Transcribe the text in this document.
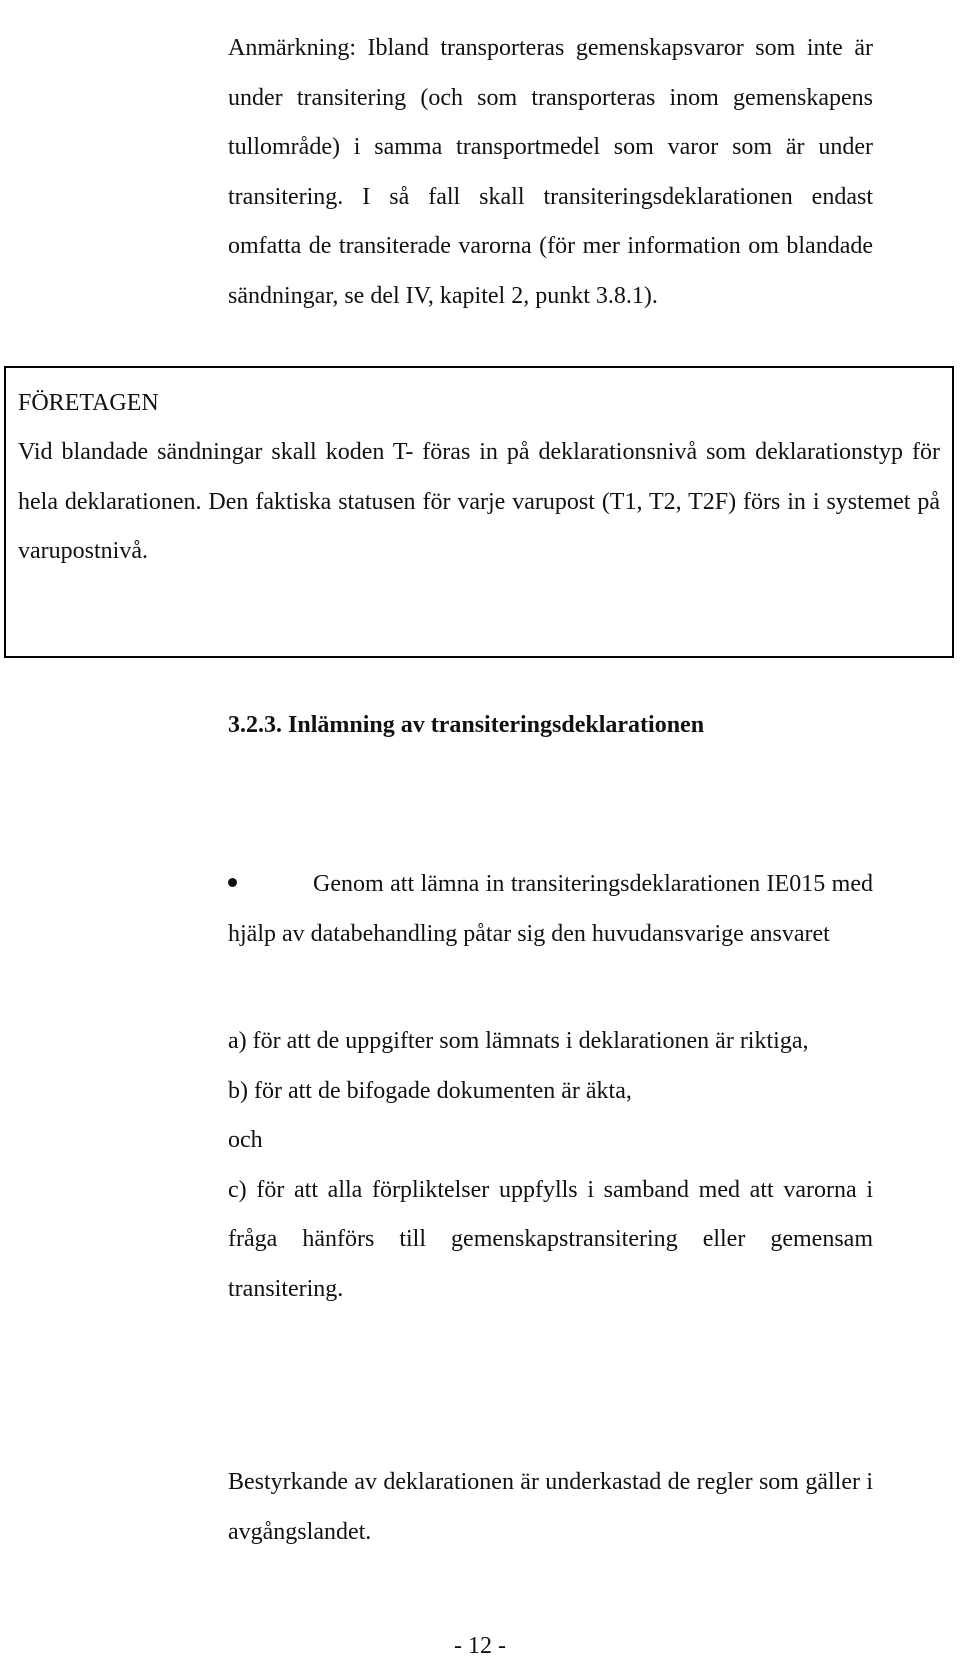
Anmärkning: Ibland transporteras gemenskapsvaror som inte är under transitering (och som transporteras inom gemenskapens tullområde) i samma transportmedel som varor som är under transitering. I så fall skall transiteringsdeklarationen endast omfatta de transiterade varorna (för mer information om blandade sändningar, se del IV, kapitel 2, punkt 3.8.1).

FÖRETAGEN

Vid blandade sändningar skall koden T- föras in på deklarationsnivå som deklarationstyp för hela deklarationen. Den faktiska statusen för varje varupost (T1, T2, T2F) förs in i systemet på varupostnivå.

3.2.3. Inlämning av transiteringsdeklarationen

Genom att lämna in transiteringsdeklarationen IE015 med hjälp av databehandling påtar sig den huvudansvarige ansvaret

a) för att de uppgifter som lämnats i deklarationen är riktiga,

b) för att de bifogade dokumenten är äkta,

och

c) för att alla förpliktelser uppfylls i samband med att varorna i fråga hänförs till gemenskapstransitering eller gemensam transitering.

Bestyrkande av deklarationen är underkastad de regler som gäller i avgångslandet.

- 12 -
